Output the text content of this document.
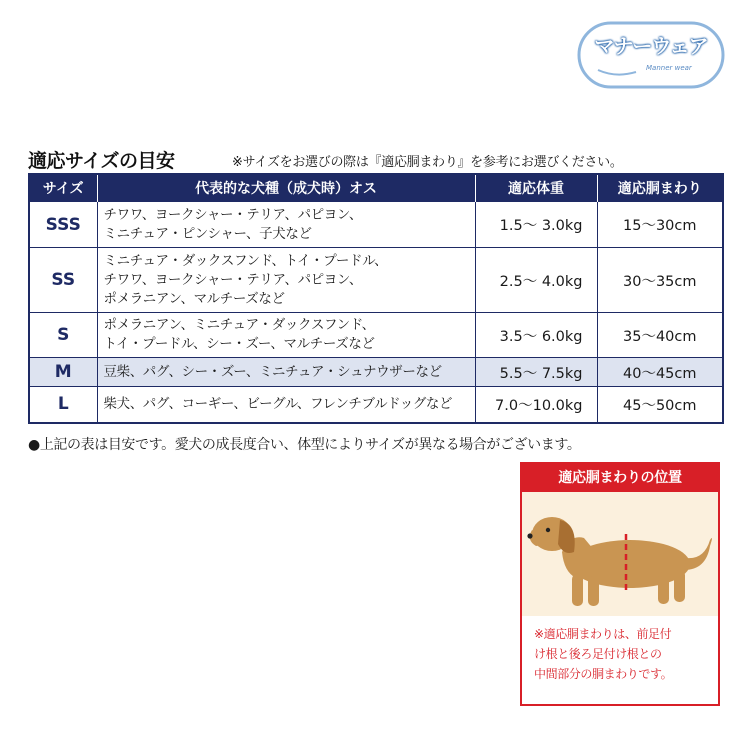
マナーウェア
Manner wear
適応サイズの目安	※サイズをお選びの際は『適応胴まわり』を参考にお選びください。
サイズ	代表的な犬種（成犬時）オス	適応体重	適応胴まわり
SSS	チワワ、ヨークシャー・テリア、パピヨン、
ミニチュア・ピンシャー、子犬など	1.5～ 3.0kg	15～30cm
SS	ミニチュア・ダックスフンド、トイ・プードル、
チワワ、ヨークシャー・テリア、パピヨン、
ポメラニアン、マルチーズなど	2.5～ 4.0kg	30～35cm
S	ポメラニアン、ミニチュア・ダックスフンド、
トイ・プードル、シー・ズー、マルチーズなど	3.5～ 6.0kg	35～40cm
M	豆柴、パグ、シー・ズー、ミニチュア・シュナウザーなど	5.5～ 7.5kg	40～45cm
L	柴犬、パグ、コーギー、ビーグル、フレンチブルドッグなど	7.0～10.0kg	45～50cm
●上記の表は目安です。愛犬の成長度合い、体型によりサイズが異なる場合がございます。
適応胴まわりの位置

※適応胴まわりは、前足付
け根と後ろ足付け根との
中間部分の胴まわりです。
